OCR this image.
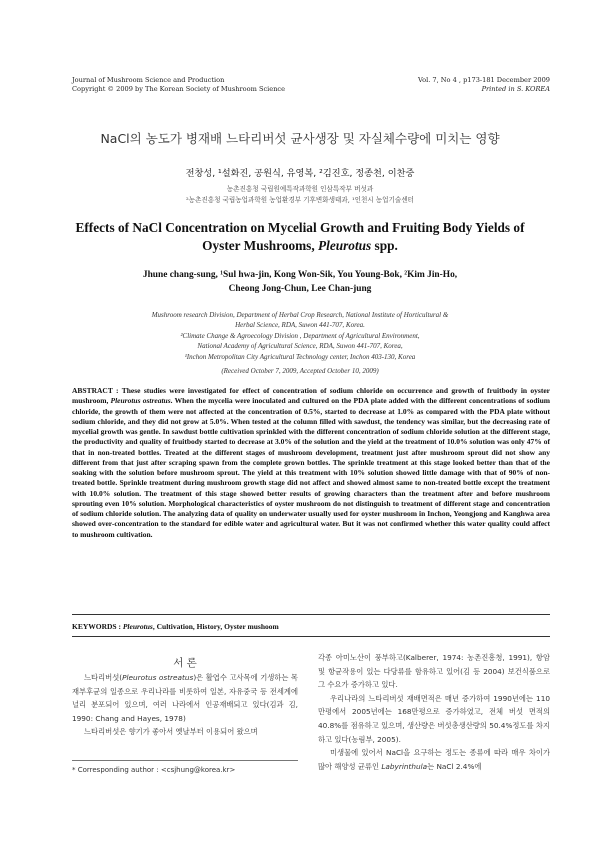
Journal of Mushroom Science and Production
Copyright © 2009 by The Korean Society of Mushroom Science
Vol. 7, No 4 , p173-181 December 2009
Printed in S. KOREA
NaCl의 농도가 병재배 느타리버섯 균사생장 및 자실체수량에 미치는 영향
전창성, ¹설화진, 공원식, 유영복, ²김진호, 정종천, 이찬중
농촌진흥청 국립원예특작과학원 인삼특작부 버섯과
²농촌진흥청 국립농업과학원 농업환경부 기후변화생태과, ¹인천시 농업기술센터
Effects of NaCl Concentration on Mycelial Growth and Fruiting Body Yields of
Oyster Mushrooms, Pleurotus spp.
Jhune chang-sung, ¹Sul hwa-jin, Kong Won-Sik, You Young-Bok, ²Kim Jin-Ho,
Cheong Jong-Chun, Lee Chan-jung
Mushroom research Division, Department of Herbal Crop Research, National Institute of Horticultural &
Herbal Science, RDA, Suwon 441-707, Korea.
²Climate Change & Agroecology Division , Department of Agricultural Environment,
National Academy of Agricultural Science, RDA, Suwon 441-707, Korea,
¹Inchon Metropolitan City Agricultural Technology center, Inchon 403-130, Korea
(Received October 7, 2009, Accepted October 10, 2009)
ABSTRACT : These studies were investigated for effect of concentration of sodium chloride on occurrence and growth of fruitbody in oyster mushroom, Pleurotus ostreatus. When the mycelia were inoculated and cultured on the PDA plate added with the different concentrations of sodium chloride, the growth of them were not affected at the concentration of 0.5%, started to decrease at 1.0% as compared with the PDA plate without sodium chloride, and they did not grow at 5.0%. When tested at the column filled with sawdust, the tendency was similar, but the decreasing rate of mycelial growth was gentle. In sawdust bottle cultivation sprinkled with the different concentration of sodium chloride solution at the different stage, the productivity and quality of fruitbody started to decrease at 3.0% of the solution and the yield at the treatment of 10.0% solution was only 47% of that in non-treated bottles. Treated at the different stages of mushroom development, treatment just after mushroom sprout did not show any different from that just after scraping spawn from the complete grown bottles. The sprinkle treatment at this stage looked better than that of the soaking with the solution before mushroom sprout. The yield at this treatment with 10% solution showed little damage with that of 90% of non-treated bottle. Sprinkle treatment during mushroom growth stage did not affect and showed almost same to non-treated bottle except the treatment with 10.0% solution. The treatment of this stage showed better results of growing characters than the treatment after and before mushroom sprouting even 10% solution. Morphological characteristics of oyster mushroom do not distinguish to treatment of different stage and concentration of sodium chloride solution. The analyzing data of quality on underwater usually used for oyster mushroom in Inchon, Yeongjong and Kanghwa area showed over-concentration to the standard for edible water and agricultural water. But it was not confirmed whether this water quality could affect to mushroom cultivation.
KEYWORDS : Pleurotus, Cultivation, History, Oyster mushoom
서 론
느타리버섯(Pleurotus ostreatus)은 활엽수 고사목에 기생하는 목재부후균의 일종으로 우리나라를 비롯하여 일본, 자유중국 등 전세계에 널리 분포되어 있으며, 여러 나라에서 인공재배되고 있다(김과 김, 1990: Chang and Hayes, 1978)
느타리버섯은 향기가 좋아서 옛날부터 이용되어 왔으며
* Corresponding author : <csjhung@korea.kr>
각종 아미노산이 풍부하고(Kalberer, 1974: 농촌진흥청, 1991), 항암 및 항균작용이 있는 다당류를 함유하고 있어(김 등 2004) 보건식품으로 그 수요가 증가하고 있다.
우리나라의 느타리버섯 재배면적은 매년 증가하여 1990년에는 110만평에서 2005년에는 168만평으로 증가하였고, 전체 버섯 면적의 40.8%를 점유하고 있으며, 생산량은 버섯총생산량의 50.4%정도를 차지하고 있다(농림부, 2005).
미생물에 있어서 NaCl을 요구하는 정도는 종류에 따라 매우 차이가 많아 해양성 균류인 Labyrinthula는 NaCl 2.4%에
